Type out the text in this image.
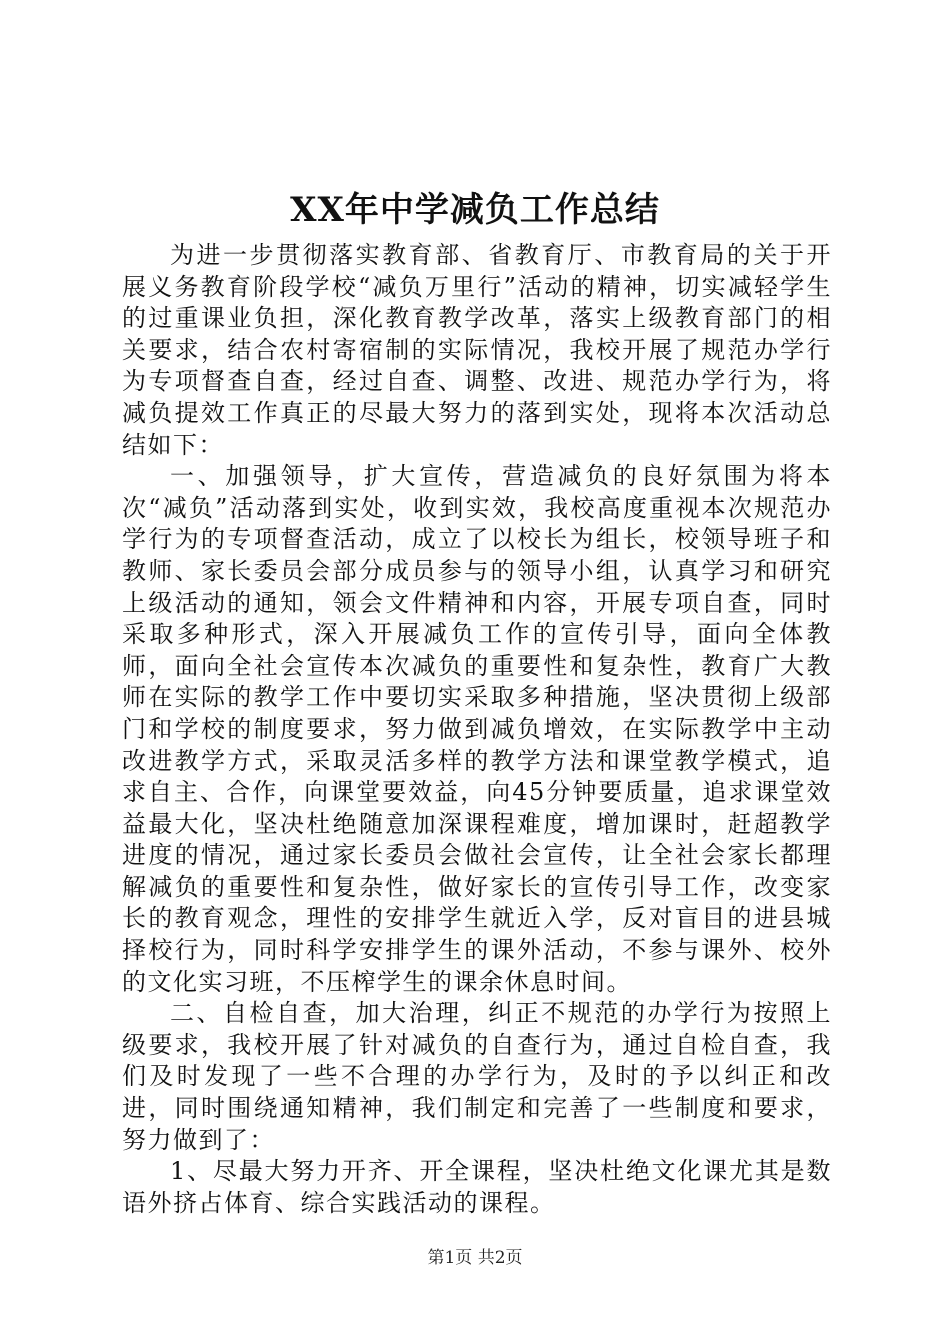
XX年中学减负工作总结

为进一步贯彻落实教育部、省教育厅、市教育局的关于开展义务教育阶段学校“减负万里行”活动的精神，切实减轻学生的过重课业负担，深化教育教学改革，落实上级教育部门的相关要求，结合农村寄宿制的实际情况，我校开展了规范办学行为专项督查自查，经过自查、调整、改进、规范办学行为，将减负提效工作真正的尽最大努力的落到实处，现将本次活动总结如下：

一、加强领导，扩大宣传，营造减负的良好氛围为将本次“减负”活动落到实处，收到实效，我校高度重视本次规范办学行为的专项督查活动，成立了以校长为组长，校领导班子和教师、家长委员会部分成员参与的领导小组，认真学习和研究上级活动的通知，领会文件精神和内容，开展专项自查，同时采取多种形式，深入开展减负工作的宣传引导，面向全体教师，面向全社会宣传本次减负的重要性和复杂性，教育广大教师在实际的教学工作中要切实采取多种措施，坚决贯彻上级部门和学校的制度要求，努力做到减负增效，在实际教学中主动改进教学方式，采取灵活多样的教学方法和课堂教学模式，追求自主、合作，向课堂要效益，向45分钟要质量，追求课堂效益最大化，坚决杜绝随意加深课程难度，增加课时，赶超教学进度的情况，通过家长委员会做社会宣传，让全社会家长都理解减负的重要性和复杂性，做好家长的宣传引导工作，改变家长的教育观念，理性的安排学生就近入学，反对盲目的进县城择校行为，同时科学安排学生的课外活动，不参与课外、校外的文化实习班，不压榨学生的课余休息时间。

二、自检自查，加大治理，纠正不规范的办学行为按照上级要求，我校开展了针对减负的自查行为，通过自检自查，我们及时发现了一些不合理的办学行为，及时的予以纠正和改进，同时围绕通知精神，我们制定和完善了一些制度和要求，努力做到了：

1、尽最大努力开齐、开全课程，坚决杜绝文化课尤其是数语外挤占体育、综合实践活动的课程。

第1页 共2页
